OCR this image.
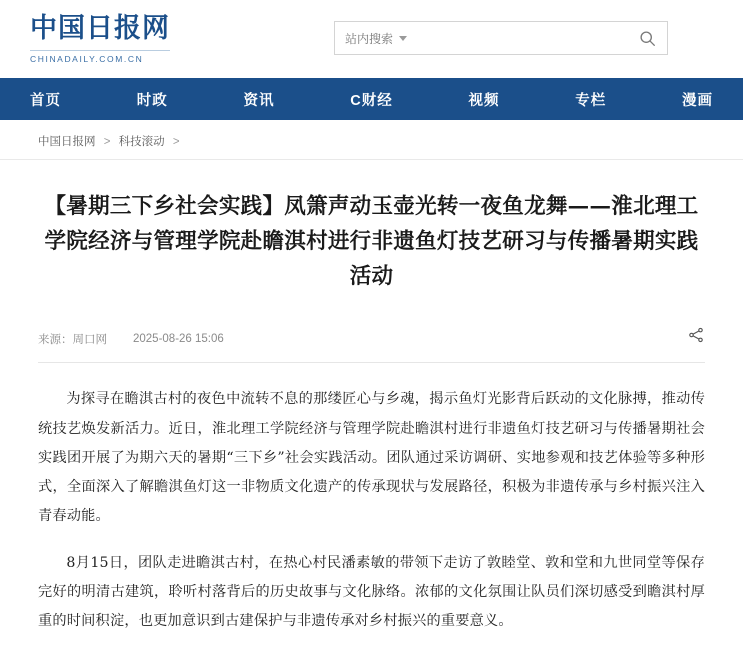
中国日报网
CHINADAILY.COM.CN
站内搜索
首页	时政	资讯	C财经	视频	专栏	漫画
中国日报网 > 科技滚动 >
【暑期三下乡社会实践】凤箫声动玉壶光转一夜鱼龙舞——淮北理工学院经济与管理学院赴瞻淇村进行非遗鱼灯技艺研习与传播暑期实践活动
来源：周口网 2025-08-26 15:06

为探寻在瞻淇古村的夜色中流转不息的那缕匠心与乡魂，揭示鱼灯光影背后跃动的文化脉搏，推动传统技艺焕发新活力。近日，淮北理工学院经济与管理学院赴瞻淇村进行非遗鱼灯技艺研习与传播暑期社会实践团开展了为期六天的暑期“三下乡”社会实践活动。团队通过采访调研、实地参观和技艺体验等多种形式，全面深入了解瞻淇鱼灯这一非物质文化遗产的传承现状与发展路径，积极为非遗传承与乡村振兴注入青春动能。

8月15日，团队走进瞻淇古村，在热心村民潘素敏的带领下走访了敦睦堂、敦和堂和九世同堂等保存完好的明清古建筑，聆听村落背后的历史故事与文化脉络。浓郁的文化氛围让队员们深切感受到瞻淇村厚重的时间积淀，也更加意识到古建保护与非遗传承对乡村振兴的重要意义。
